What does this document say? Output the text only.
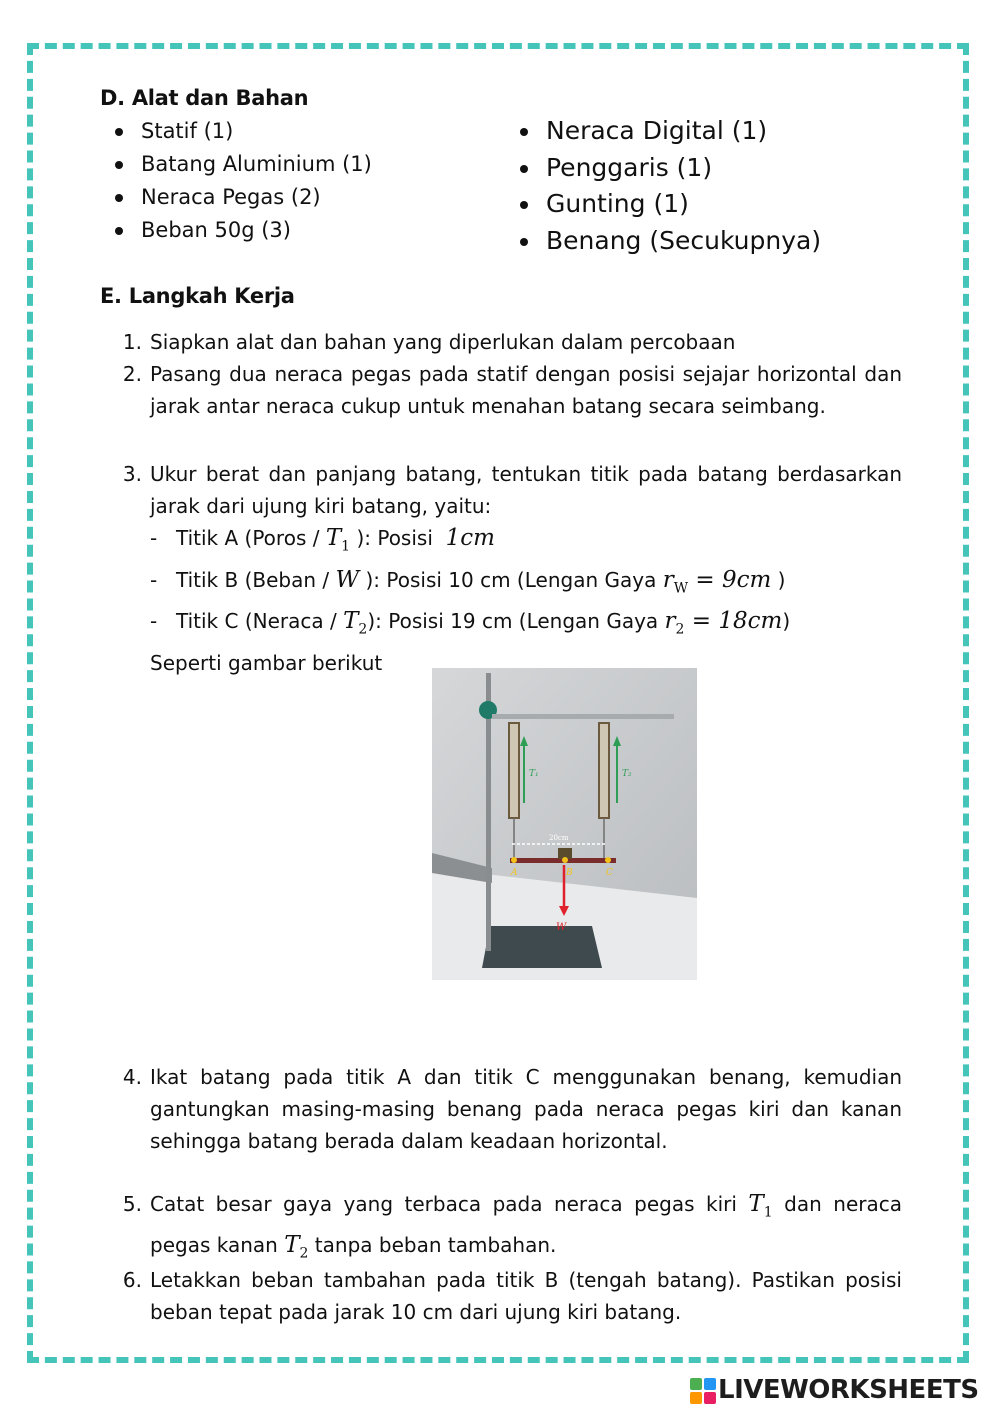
D. Alat dan Bahan
Statif (1)
Batang Aluminium (1)
Neraca Pegas (2)
Beban 50g (3)
Neraca Digital (1)
Penggaris (1)
Gunting (1)
Benang (Secukupnya)
E. Langkah Kerja
1. Siapkan alat dan bahan yang diperlukan dalam percobaan
2. Pasang dua neraca pegas pada statif dengan posisi sejajar horizontal dan jarak antar neraca cukup untuk menahan batang secara seimbang.
3. Ukur berat dan panjang batang, tentukan titik pada batang berdasarkan jarak dari ujung kiri batang, yaitu:
- Titik A (Poros / $T_1$ ): Posisi  1cm
- Titik B (Beban / W ): Posisi 10 cm (Lengan Gaya $r_W = 9cm$ )
- Titik C (Neraca / $T_2$): Posisi 19 cm (Lengan Gaya $r_2 = 18cm$)
Seperti gambar berikut
T₁	T₂
20cm
A	B	C
W
4. Ikat batang pada titik A dan titik C menggunakan benang, kemudian gantungkan masing-masing benang pada neraca pegas kiri dan kanan sehingga batang berada dalam keadaan horizontal.
5. Catat besar gaya yang terbaca pada neraca pegas kiri $T_1$ dan neraca pegas kanan $T_2$ tanpa beban tambahan.
6. Letakkan beban tambahan pada titik B (tengah batang). Pastikan posisi beban tepat pada jarak 10 cm dari ujung kiri batang.
LIVEWORKSHEETS
